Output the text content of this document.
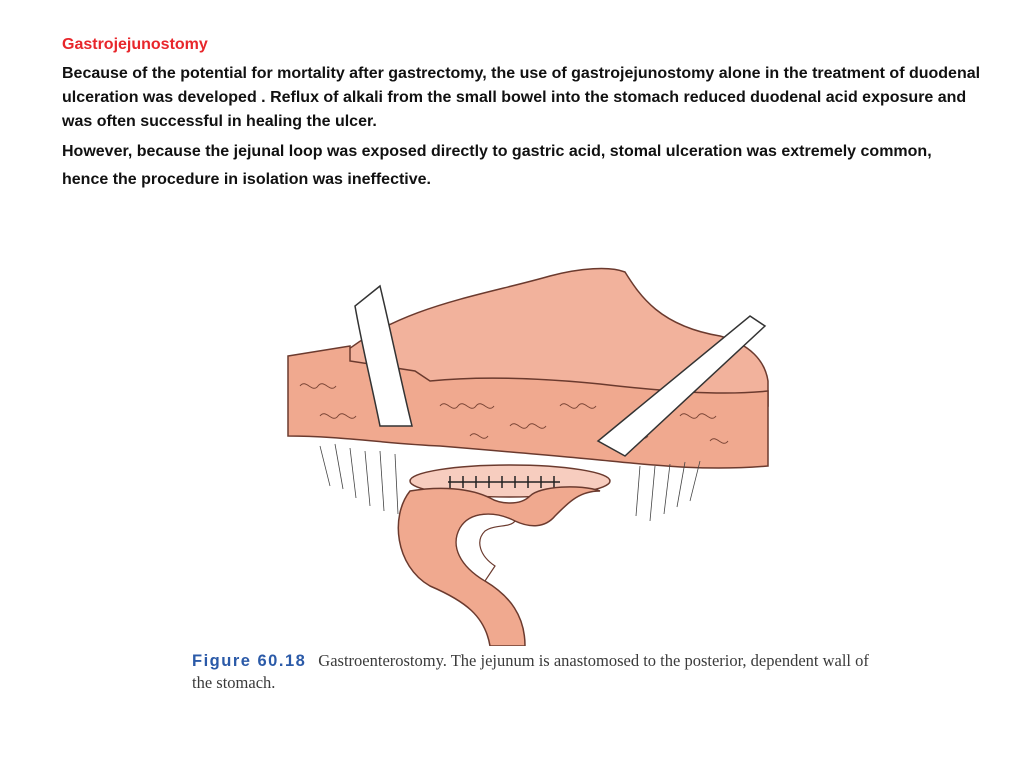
Gastrojejunostomy

Because of the potential for mortality after gastrectomy, the use of gastrojejunostomy alone in the treatment of duodenal ulceration was developed . Reflux of alkali from the small bowel into the stomach reduced duodenal acid exposure and was often successful in healing the ulcer.

However, because the jejunal loop was exposed directly to gastric acid, stomal ulceration was extremely common, hence the procedure in isolation was ineffective.

Figure 60.18 Gastroenterostomy. The jejunum is anastomosed to the posterior, dependent wall of the stomach.
